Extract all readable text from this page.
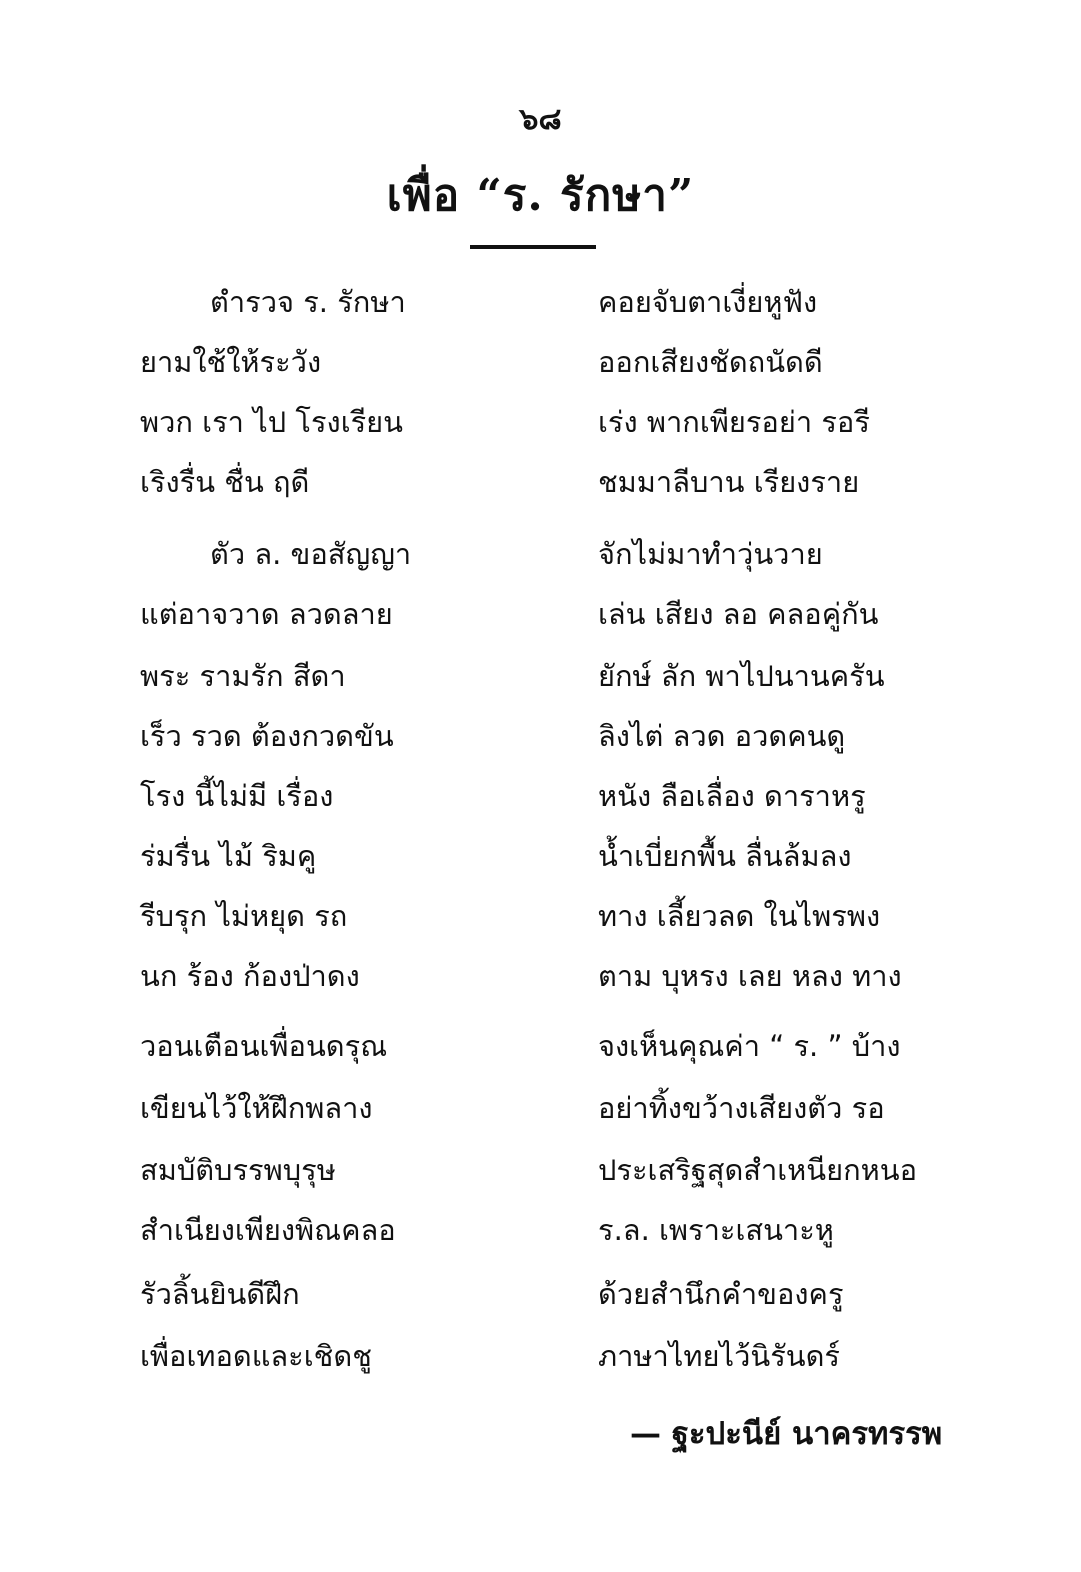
๖๘
เพื่อ “ร. รักษา”
ตำรวจ ร. รักษา	คอยจับตาเงี่ยหูฟัง
ยามใช้ให้ระวัง	ออกเสียงชัดถนัดดี
พวก เรา ไป โรงเรียน	เร่ง พากเพียรอย่า รอรี
เริงรื่น ชื่น ฤดี	ชมมาลีบาน เรียงราย
ตัว ล. ขอสัญญา	จักไม่มาทำวุ่นวาย
แต่อาจวาด ลวดลาย	เล่น เสียง ลอ คลอคู่กัน
พระ รามรัก สีดา	ยักษ์ ลัก พาไปนานครัน
เร็ว รวด ต้องกวดขัน	ลิงไต่ ลวด อวดคนดู
โรง นี้ไม่มี เรื่อง	หนัง ลือเลื่อง ดาราหรู
ร่มรื่น ไม้ ริมคู	น้ำเบี่ยกพื้น ลื่นล้มลง
รีบรุก ไม่หยุด รถ	ทาง เลี้ยวลด ในไพรพง
นก ร้อง ก้องป่าดง	ตาม บุหรง เลย หลง ทาง
วอนเตือนเพื่อนดรุณ	จงเห็นคุณค่า “ ร. ” บ้าง
เขียนไว้ให้ฝึกพลาง	อย่าทิ้งขว้างเสียงตัว รอ
สมบัติบรรพบุรุษ	ประเสริฐสุดสำเหนียกหนอ
สำเนียงเพียงพิณคลอ	ร.ล. เพราะเสนาะหู
รัวลิ้นยินดีฝึก	ด้วยสำนึกคำของครู
เพื่อเทอดและเชิดชู	ภาษาไทยไว้นิรันดร์
— ฐะปะนีย์ นาครทรรพ
